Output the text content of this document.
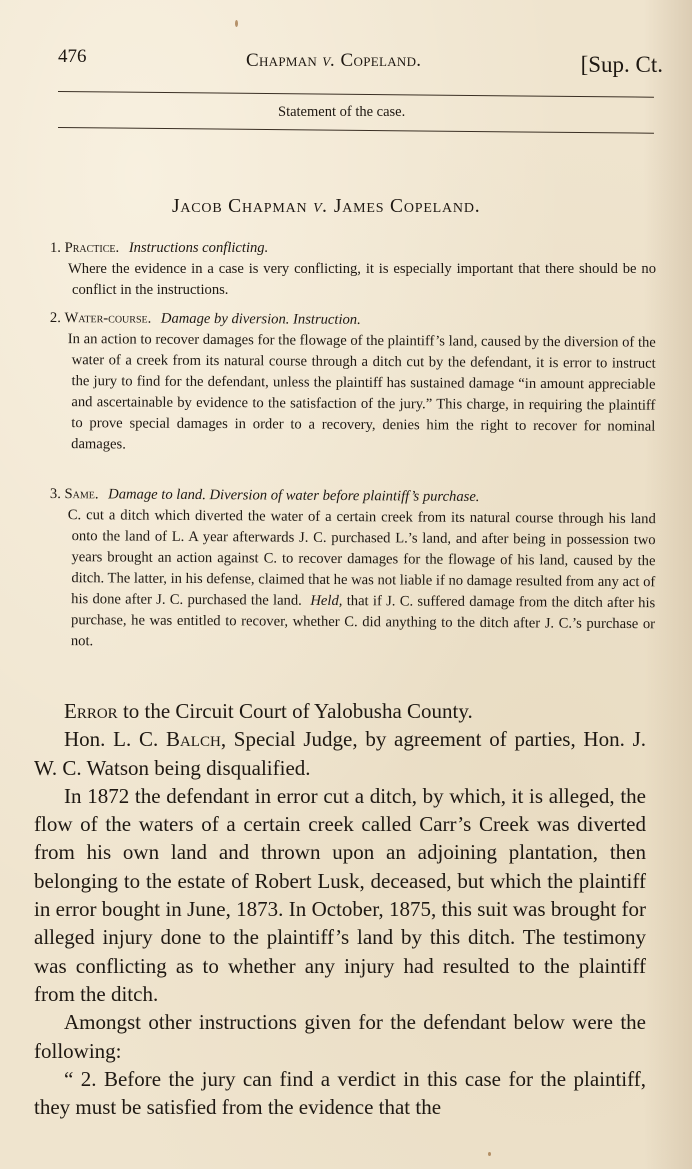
476	Chapman v. Copeland.	[Sup. Ct.
Statement of the case.
Jacob Chapman v. James Copeland.
1. Practice. Instructions conflicting.
Where the evidence in a case is very conflicting, it is especially important that there should be no conflict in the instructions.
2. Water-course. Damage by diversion. Instruction.
In an action to recover damages for the flowage of the plaintiff’s land, caused by the diversion of the water of a creek from its natural course through a ditch cut by the defendant, it is error to instruct the jury to find for the defendant, unless the plaintiff has sustained damage “in amount appreciable and ascertainable by evidence to the satisfaction of the jury.” This charge, in requiring the plaintiff to prove special damages in order to a recovery, denies him the right to recover for nominal damages.
3. Same. Damage to land. Diversion of water before plaintiff’s purchase.
C. cut a ditch which diverted the water of a certain creek from its natural course through his land onto the land of L. A year afterwards J. C. purchased L.’s land, and after being in possession two years brought an action against C. to recover damages for the flowage of his land, caused by the ditch. The latter, in his defense, claimed that he was not liable if no damage resulted from any act of his done after J. C. purchased the land. Held, that if J. C. suffered damage from the ditch after his purchase, he was entitled to recover, whether C. did anything to the ditch after J. C.’s purchase or not.

Error to the Circuit Court of Yalobusha County.

Hon. L. C. Balch, Special Judge, by agreement of parties, Hon. J. W. C. Watson being disqualified.

In 1872 the defendant in error cut a ditch, by which, it is alleged, the flow of the waters of a certain creek called Carr’s Creek was diverted from his own land and thrown upon an adjoining plantation, then belonging to the estate of Robert Lusk, deceased, but which the plaintiff in error bought in June, 1873. In October, 1875, this suit was brought for alleged injury done to the plaintiff’s land by this ditch. The testimony was conflicting as to whether any injury had resulted to the plaintiff from the ditch.

Amongst other instructions given for the defendant below were the following:

“ 2. Before the jury can find a verdict in this case for the plaintiff, they must be satisfied from the evidence that the
